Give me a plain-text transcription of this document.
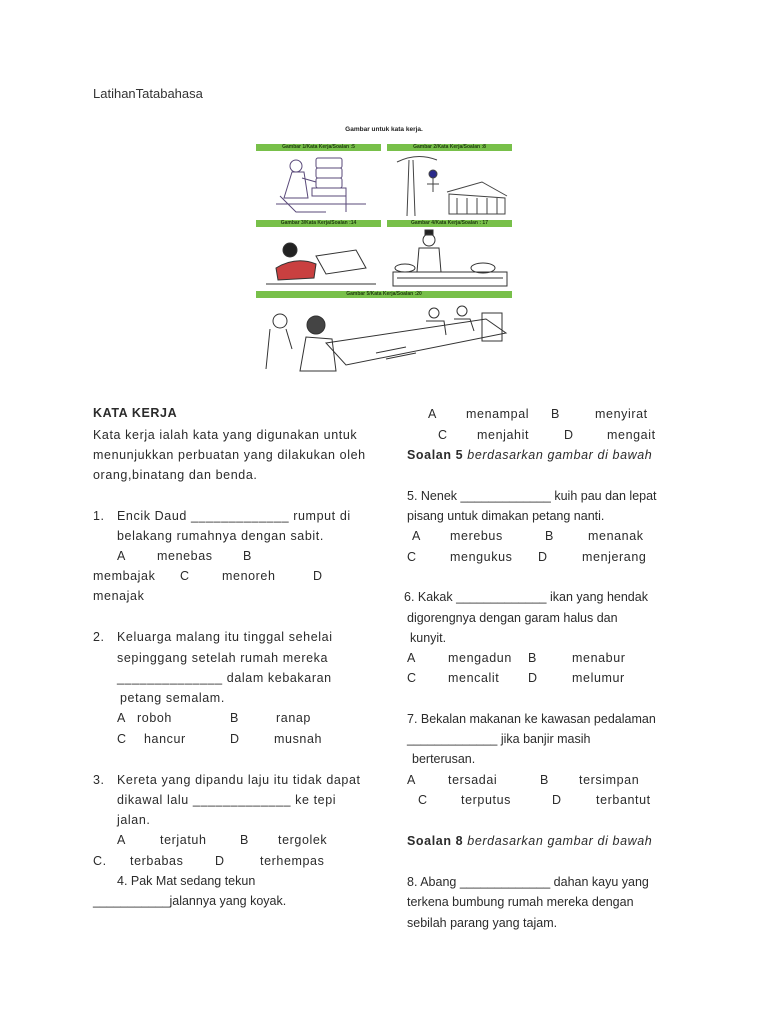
LatihanTatabahasa
Gambar untuk kata kerja.
Gambar 1/Kata Kerja/Soalan :5	Gambar 2/Kata Kerja/Soalan :8
Gambar 3/Kata Kerja/Soalan :14	Gambar 4/Kata Kerja/Soalan : 17
Gambar 5/Kata Kerja/Soalan :20
KATA KERJA
Kata kerja ialah kata yang digunakan untuk
menunjukkan perbuatan yang dilakukan oleh
orang,binatang dan benda.
1. Encik Daud _____________ rumput di
belakang rumahnya dengan sabit.
A menebas B
membajak C	menoreh	D
menajak
2. Keluarga malang itu tinggal sehelai
sepinggang setelah rumah mereka
______________ dalam kebakaran
petang semalam.
A roboh	B	ranap
C hancur	D	musnah
3. Kereta yang dipandu laju itu tidak dapat
dikawal lalu _____________ ke tepi
jalan.
A	terjatuh	B tergolek
C. terbabas	D	terhempas
4. Pak Mat sedang tekun
___________jalannya yang koyak.
A menampal B	menyirat
C menjahit	D	mengait
Soalan 5 berdasarkan gambar di bawah
5. Nenek _____________ kuih pau dan lepat
pisang untuk dimakan petang nanti.
A merebus	B	menanak
C	mengukus D	menjerang
6. Kakak _____________ ikan yang hendak
digorengnya dengan garam halus dan
kunyit.
A	mengadun B	menabur
C	mencalit D	melumur
7. Bekalan makanan ke kawasan pedalaman
_____________ jika banjir masih
berterusan.
A	tersadai	B tersimpan
C	terputus	D	terbantut
Soalan 8 berdasarkan gambar di bawah
8. Abang _____________ dahan kayu yang
terkena bumbung rumah mereka dengan
sebilah parang yang tajam.
